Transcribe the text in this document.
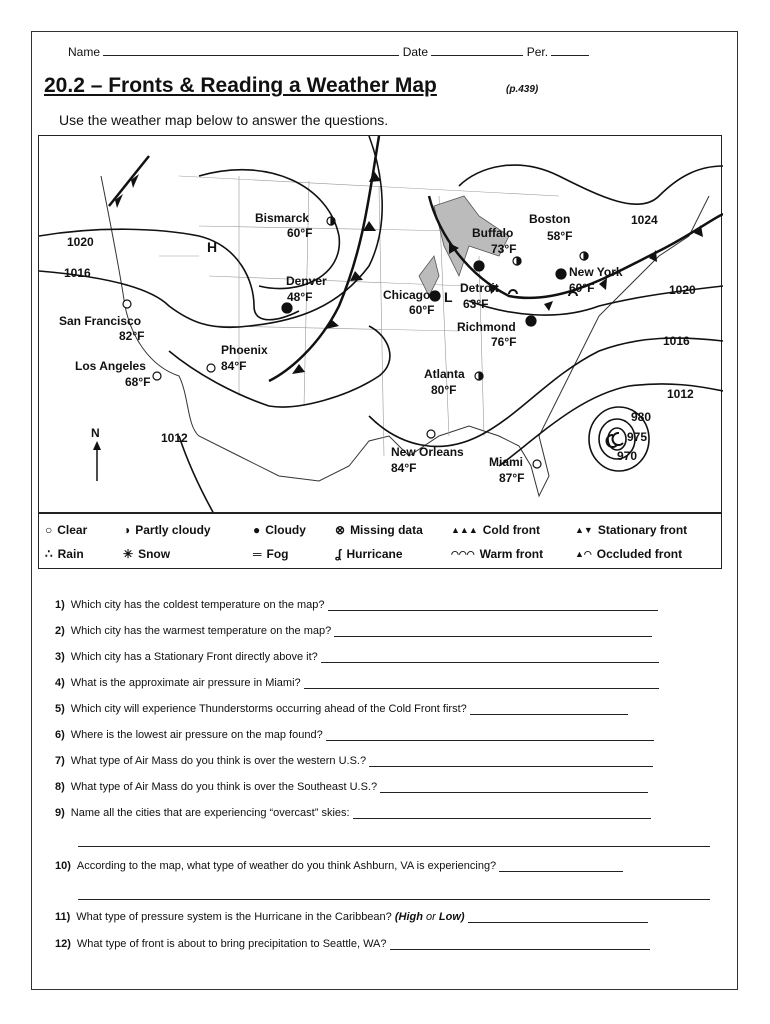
Name	Date	Per.
20.2 – Fronts & Reading a Weather Map	(p.439)
Use the weather map below to answer the questions.
Bismarck
60°F
Denver
48°F
San Francisco
82°F
Los Angeles
68°F
Phoenix
84°F
Chicago
60°F
Detroit
63°F
Buffalo
73°F
Boston
58°F
New York
60°F
Richmond
76°F
Atlanta
80°F
New Orleans
84°F	Miami
87°F
1020
1016
1024
1020
1016
1012
1012
980
975
970
H
L
N
○ Clear	◑ Partly cloudy	● Cloudy ⊗ Missing data	▲▲▲ Cold front	▲▼ Stationary front
∴ Rain	✳ Snow	═ Fog	ʆ Hurricane	◠◠◠ Warm front	▲◠ Occluded front
1) Which city has the coldest temperature on the map?
2) Which city has the warmest temperature on the map?
3) Which city has a Stationary Front directly above it?
4) What is the approximate air pressure in Miami?
5) Which city will experience Thunderstorms occurring ahead of the Cold Front first?
6) Where is the lowest air pressure on the map found?
7) What type of Air Mass do you think is over the western U.S.?
8) What type of Air Mass do you think is over the Southeast U.S.?
9) Name all the cities that are experiencing “overcast” skies:
10) According to the map, what type of weather do you think Ashburn, VA is experiencing?
11) What type of pressure system is the Hurricane in the Caribbean? (High or Low)
12) What type of front is about to bring precipitation to Seattle, WA?
